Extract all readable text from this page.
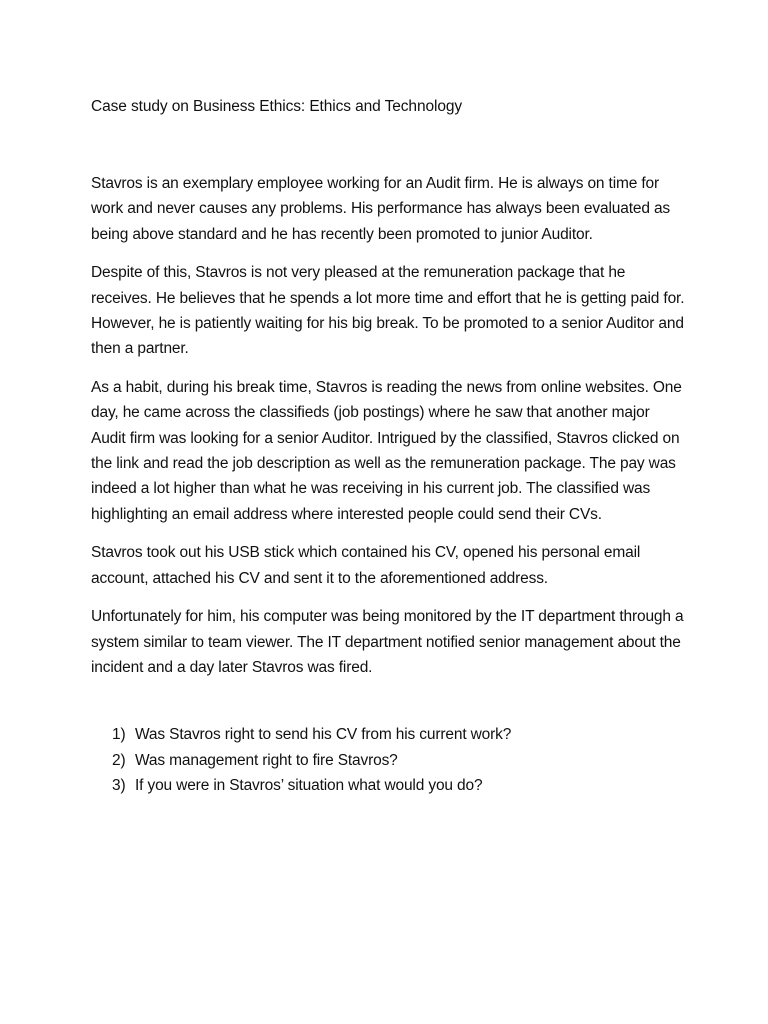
Case study on Business Ethics: Ethics and Technology

Stavros is an exemplary employee working for an Audit firm. He is always on time for work and never causes any problems. His performance has always been evaluated as being above standard and he has recently been promoted to junior Auditor.

Despite of this, Stavros is not very pleased at the remuneration package that he receives. He believes that he spends a lot more time and effort that he is getting paid for. However, he is patiently waiting for his big break. To be promoted to a senior Auditor and then a partner.

As a habit, during his break time, Stavros is reading the news from online websites. One day, he came across the classifieds (job postings) where he saw that another major Audit firm was looking for a senior Auditor. Intrigued by the classified, Stavros clicked on the link and read the job description as well as the remuneration package. The pay was indeed a lot higher than what he was receiving in his current job. The classified was highlighting an email address where interested people could send their CVs.

Stavros took out his USB stick which contained his CV, opened his personal email account, attached his CV and sent it to the aforementioned address.

Unfortunately for him, his computer was being monitored by the IT department through a system similar to team viewer. The IT department notified senior management about the incident and a day later Stavros was fired.

1) Was Stavros right to send his CV from his current work?
2) Was management right to fire Stavros?
3) If you were in Stavros’ situation what would you do?
